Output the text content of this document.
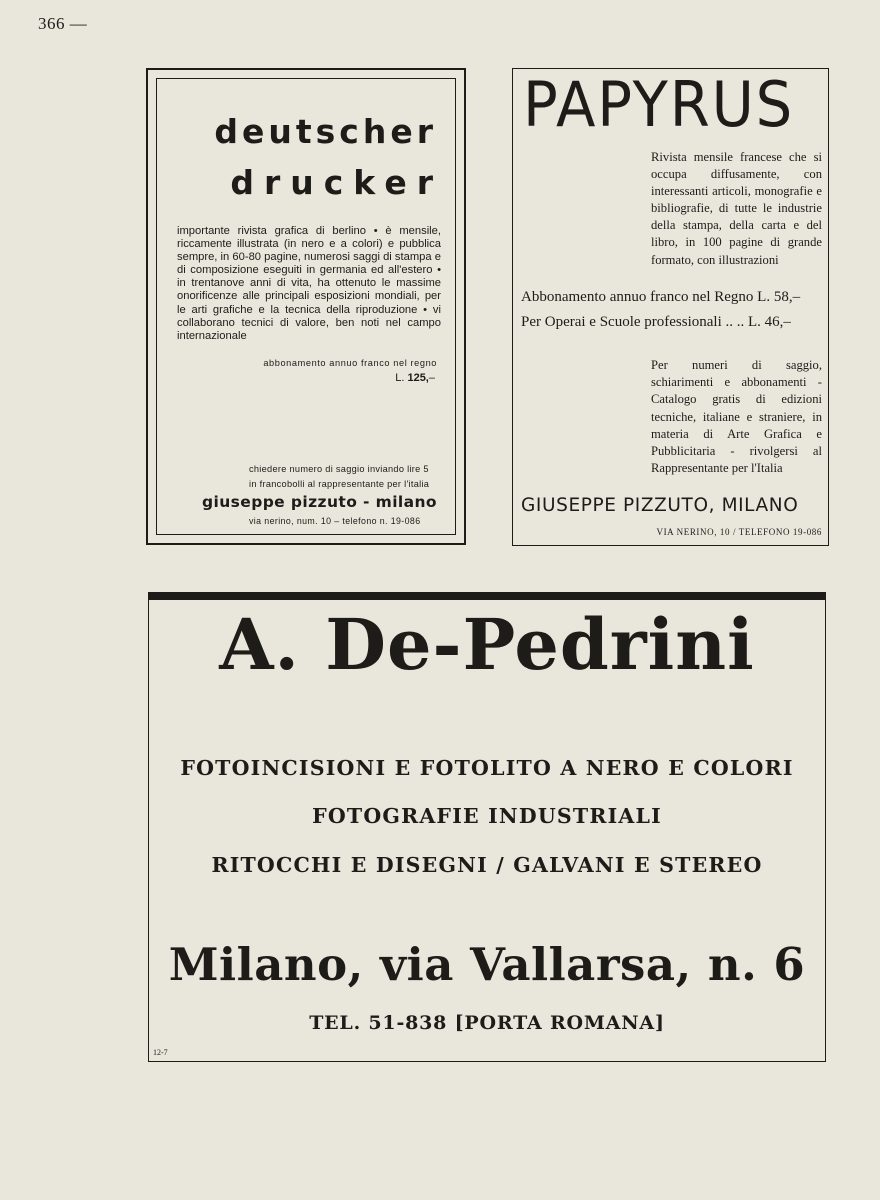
366 —
deutscher
drucker
importante rivista grafica di berlino • è mensile, riccamente illustrata (in nero e a colori) e pubblica sempre, in 60-80 pagine, numerosi saggi di stampa e di composizione eseguiti in germania ed all'estero • in trentanove anni di vita, ha ottenuto le massime onorificenze alle principali esposizioni mondiali, per le arti grafiche e la tecnica della riproduzione • vi collaborano tecnici di valore, ben noti nel campo internazionale
abbonamento annuo franco nel regno
L. 125,–
chiedere numero di saggio inviando lire 5
in francobolli al rappresentante per l'italia
giuseppe pizzuto - milano
via nerino, num. 10 – telefono n. 19-086
PAPYRUS
Rivista mensile francese che si occupa diffusamente, con interessanti articoli, monografie e bibliografie, di tutte le industrie della stampa, della carta e del libro, in 100 pagine di grande formato, con illustrazioni
Abbonamento annuo franco nel Regno L. 58,–
Per Operai e Scuole professionali .. .. L. 46,–
Per numeri di saggio, schiarimenti e abbonamenti - Catalogo gratis di edizioni tecniche, italiane e straniere, in materia di Arte Grafica e Pubblicitaria - rivolgersi al Rappresentante per l'Italia
GIUSEPPE PIZZUTO, MILANO
VIA NERINO, 10 / TELEFONO 19-086
A. De-Pedrini
FOTOINCISIONI E FOTOLITO A NERO E COLORI
FOTOGRAFIE INDUSTRIALI
RITOCCHI E DISEGNI / GALVANI E STEREO
Milano, via Vallarsa, n. 6
TEL. 51-838 [PORTA ROMANA]
12-7
